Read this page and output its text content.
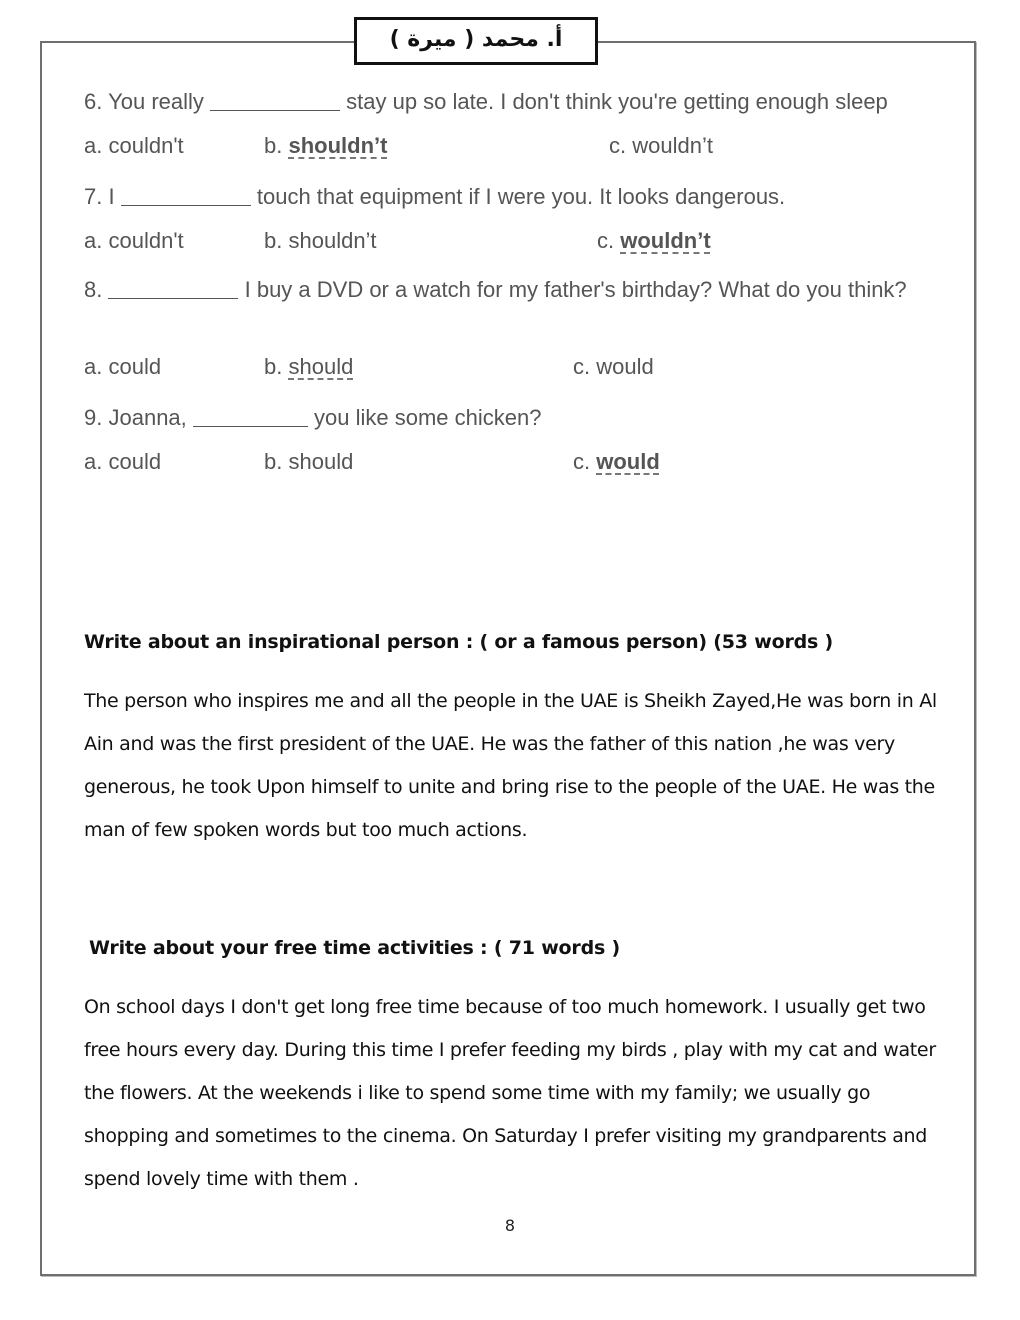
أ. محمد ( ميرة )
6. You really	stay up so late. I don't think you're getting enough sleep
a. couldn't	b. shouldn’t	c. wouldn’t
7. I	touch that equipment if I were you. It looks dangerous.
a. couldn't	b. shouldn’t	c. wouldn’t
8.	I buy a DVD or a watch for my father's birthday? What do you think?
a. could	b. should	c. would
9. Joanna,	you like some chicken?
a. could	b. should	c. would
Write about an inspirational person : ( or a famous person) (53 words )
The person who inspires me and all the people in the UAE is Sheikh Zayed,He was born in Al Ain and was the first president of the UAE. He was the father of this nation ,he was very generous, he took Upon himself to unite and bring rise to the people of the UAE. He was the man of few spoken words but too much actions.
Write about your free time activities : ( 71 words )
On school days I don't get long free time because of too much homework. I usually get two free hours every day. During this time I prefer feeding my birds , play with my cat and water the flowers. At the weekends i like to spend some time with my family; we usually go shopping and sometimes to the cinema. On Saturday I prefer visiting my grandparents and spend lovely time with them .
8
